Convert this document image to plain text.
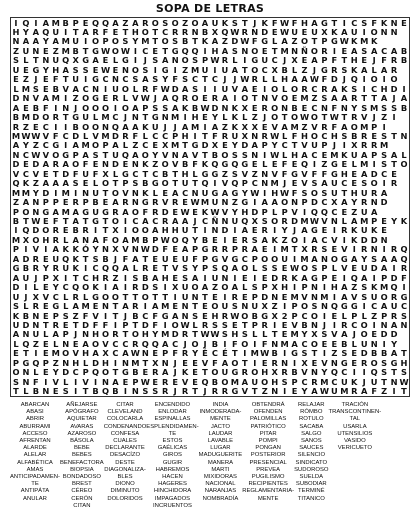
SOPA DE LETRAS
I Q I A M B P E Q Q A Z A R O S O Z O A U K S T J K F W F H A G T I C S F K N E
H Y A Q U I T A R F E T H O T C R R N B X Q W R N D E W U E U X K A U I O N N
N A A Y A M U I O P O S Y M T O S B T K A Z D W F G L A Z O T P G W K M K
Z U N E Z M B T G W O W I C E T G Q Q I H A S N O E T M N Ñ O R I E A S A C A B
S L T N U Q X G A E L G I J S A N O S P W R L I G U C J X E A P F T H E J F R B
U E G Y H A S S E W E N O S I G I Z M U I U A T O C X B L Z J G R S K A L A R
E Z J E F T U I G C N C S A S Y F S C T C J J W R L L H A A W F D J Q I O I O
L M S E B V A C N I U O L R F W D A S I I U V A E I O L O R C R A K S I C H D I
D N V A M I Z O G E R L V W J A Q R O E R A I O T N V O E M Z S A A R T T A J A
A E B F I N J O O O I O A P S S A K B W D N K X E R O N B E C N F N Y S M S S B
B M D O R T G U L M C J N T G N M I H E Y L K L Z J O T O W O T W T R V J Z I
R Z E C I I B O O N Q A A K U J J A M I A Z K X X E V A M Z V R F A O M P I
M W W V F C D L V M D R F L C C P H I T F R U X N R W L F H O C H S B R E S T N
A Y Z C G I A M O P A L Z C E X M T G D X E Y D A P Y C T V U P J I X R R M
N C W V O G P A S T U Q A O Y V N A V T B O S S N I W L H A C E M K U A P S A L
D E D A R A O F E N D E N K Z O V B F K Q G Q G E L E F E Q I Z G E L M I S T O
V C V E T D F U F X L G C T C B T H L G G Z S V Z N V F G V F F G H E A D C E
Q K Z A A A S E L O T P S B G O T U T Q I V Q P C N M J E V S A U C E S O I R
M M Y D I M I N U T O V N K L E A C N U G A G Y W I H W F S O S U T H U R A
Z A N P P E R P B E A R N G R V R E W M U N Z G I A A O N P D C X A Y R N D
P O N G A M A G U G R A O F R D E W E K W V Y H D P L P V I Q Q C E Z U A
B T W E F T A T G T O I C A C R A A J C Ñ N U Q X S O R D M W V N L A M P E Y K
I Q D O R E B R I T X I O O A H H U T I N D I A E R I Y J A G E I R K U K E
M X O H R L A N A F O A M B P W O Q Y B E I E R S A K Z O I A C V I K D D N
P I V I A K K Ó Y N X V N W D F E A P G R R P R A E I M T X R S E V I R N I R Q
A D R E U Q K T S B J F A T E U E U F P G V G C P O O U I M A N O G A Y S A A Q
G B R Y R U K I C Q Q A L R E T V S Y P S Q A O L S S E W O S P L V E U D A I R
A U J P X I T C H R Z I S B A H E S A I U N I E I E D R K A G P E I Q A I P D F
D I L E Y C Q O K I A I R D S I X U O A Z O A L S P X H I P N I H A Z S K M Q I
U J X V C L R L G O O T T O T T I U N T E I R E P D N E M V N M I A V S U O R G
S L R E G L A M E N T A R I A M E N T E O U S N U X Z I P O S N Q G G I C A U C
K B N E P S Z F V I T J B C F G A N S E H R W O B G X 2 P C O I E L P L Z P R S
U D N T R E T D F F I P T D F I O W L R S S E T P R I E V B N J I R C O I N A N
A N U L A P J N H O R T O H Y M D R T W W S H S L L T E M Y X S V A J O E D D
L Q Z E L N E A O V C C R Q Q A C J O J B I F O I F N M A C O E E B L U N I Y
E T I E M O V H A X C A W N E P F R Y É C É T I M W B I G S T I Z S E D B B A T
P G Q P Z N H L D H I N M T X N J E E V F A O T I E R N I X E V N G E R O S G H
O N L E Y D C P Q O T G B E R A J K E T O U G R O H X R B V N Y Q C I I Q S T S
S N F I V L I V I N A E P W E R E V E Q B O M A U O H S P C R M C U K J U T N W
T L B N E S I T B Q B I N S S R J R T J R R G V T Z N I E Y A W U M R A F Z I T
ABARCAN
ABASI
ABRIR
ABURRAMI
ACCESO
AFRENTAN
ALARDE
ALELAR
ALFABÉTICA
AMAS
ANTICIPADAMEN-
TE
ANTIPÁTA
ANULAR
AÑEJARSE
APÓGRAFO
AQUIETAR
AVARAS
AZAROSO
BÁSOLA
BEBE
BEBES
BENEFACTORA
BIOPSIA
BONDADOSO
BREST
CÉREO
CERÓN
CITAN
CITAR
CLEVELAND
COLOCARLA
CONDENANDO
CONFESA
CUALES
DECLARANTE
DESACÍZO
DESTE
DIAGONALIZA-
BLES
DIONO
DIMINUTO
DOLORIDOS
ENCENDIDO
ENLODAR
ESPINALLAS
ESPLENDIDAMEN-
TE
ESTOS
GAÉLICAS
GIROS
GUGIR
HABREMOS
HACEN
HAGERES
HINCHIDORA
IMPAGADOS
INCRUENTOS
INDIA
INMODERADA-
MENTE
JACTO
LAUDAR
LAVABLE
LUGAR
MADUGUERITE
MANERA
MARTI
MIXIDORAS
NACIONAL
NARANJAS
NOMBRADÍA
OBTENDRÁ
OFENDEN
PALOMILLAS
PATRIÓTICO
PITAR
POMPI
PONGAN
POSTERIOR
PRESENCIAL
PREVEA
PUGILISMO
RECIPIENTES
REGLAMENTARIA-
MENTE
RELAJAR
RÓMBO
ROTULO
SACABA
SALGO
SANOS
SAUCES
SILENCIO
SINDICATO
SUDOROSO
SUELDA
SUBODIAR
TERMINÉ
TITANICO
TRACIÓN
TRANSCONTINEN-
TAL
USARLA
UTENSILIOS
VASIDO
VERICUETO
